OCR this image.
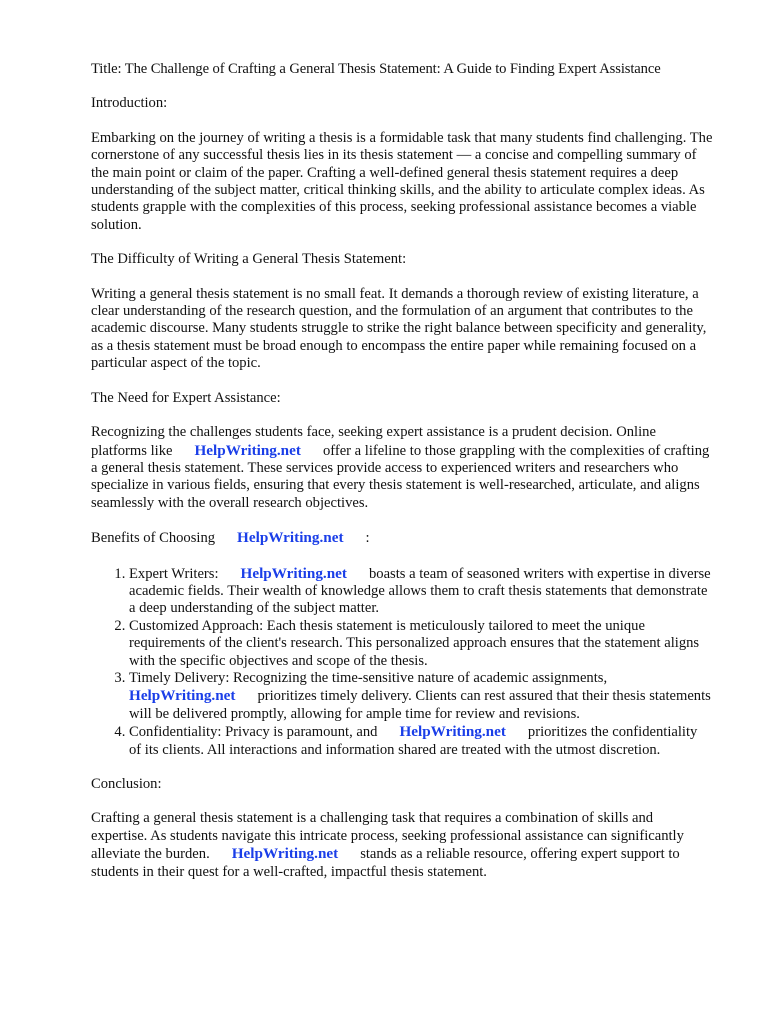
Title: The Challenge of Crafting a General Thesis Statement: A Guide to Finding Expert Assistance

Introduction:

Embarking on the journey of writing a thesis is a formidable task that many students find challenging. The cornerstone of any successful thesis lies in its thesis statement — a concise and compelling summary of the main point or claim of the paper. Crafting a well-defined general thesis statement requires a deep understanding of the subject matter, critical thinking skills, and the ability to articulate complex ideas. As students grapple with the complexities of this process, seeking professional assistance becomes a viable solution.

The Difficulty of Writing a General Thesis Statement:

Writing a general thesis statement is no small feat. It demands a thorough review of existing literature, a clear understanding of the research question, and the formulation of an argument that contributes to the academic discourse. Many students struggle to strike the right balance between specificity and generality, as a thesis statement must be broad enough to encompass the entire paper while remaining focused on a particular aspect of the topic.

The Need for Expert Assistance:

Recognizing the challenges students face, seeking expert assistance is a prudent decision. Online platforms like HelpWriting.net offer a lifeline to those grappling with the complexities of crafting a general thesis statement. These services provide access to experienced writers and researchers who specialize in various fields, ensuring that every thesis statement is well-researched, articulate, and aligns seamlessly with the overall research objectives.

Benefits of Choosing HelpWriting.net :

1. Expert Writers: HelpWriting.net boasts a team of seasoned writers with expertise in diverse academic fields. Their wealth of knowledge allows them to craft thesis statements that demonstrate a deep understanding of the subject matter.
2. Customized Approach: Each thesis statement is meticulously tailored to meet the unique requirements of the client's research. This personalized approach ensures that the statement aligns with the specific objectives and scope of the thesis.
3. Timely Delivery: Recognizing the time-sensitive nature of academic assignments, HelpWriting.net prioritizes timely delivery. Clients can rest assured that their thesis statements will be delivered promptly, allowing for ample time for review and revisions.
4. Confidentiality: Privacy is paramount, and HelpWriting.net prioritizes the confidentiality of its clients. All interactions and information shared are treated with the utmost discretion.

Conclusion:

Crafting a general thesis statement is a challenging task that requires a combination of skills and expertise. As students navigate this intricate process, seeking professional assistance can significantly alleviate the burden. HelpWriting.net stands as a reliable resource, offering expert support to students in their quest for a well-crafted, impactful thesis statement.
